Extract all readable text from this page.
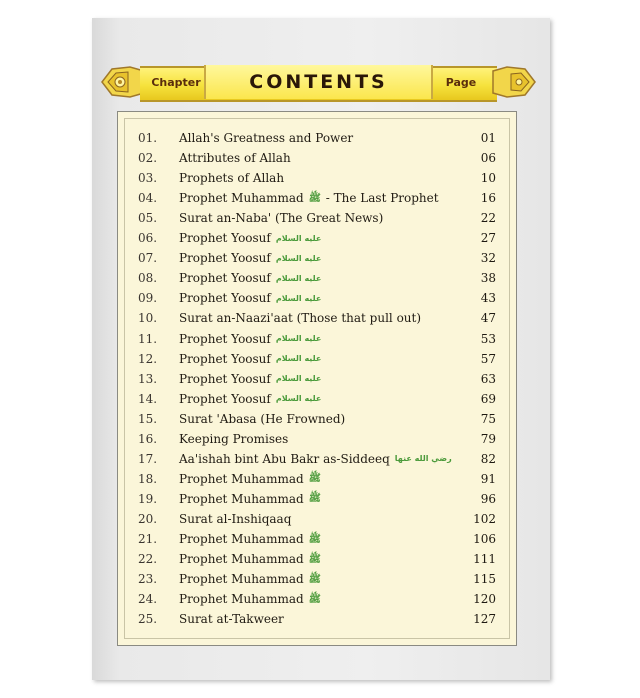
Chapter	CONTENTS	Page
01.	Allah's Greatness and Power	01
02.	Attributes of Allah	06
03.	Prophets of Allah	10
04.	Prophet Muhammad ﷺ - The Last Prophet	16
05.	Surat an-Naba' (The Great News)	22
06.	Prophet Yoosuf عليه السلام	27
07.	Prophet Yoosuf عليه السلام	32
08.	Prophet Yoosuf عليه السلام	38
09.	Prophet Yoosuf عليه السلام	43
10.	Surat an-Naazi'aat (Those that pull out)	47
11.	Prophet Yoosuf عليه السلام	53
12.	Prophet Yoosuf عليه السلام	57
13.	Prophet Yoosuf عليه السلام	63
14.	Prophet Yoosuf عليه السلام	69
15.	Surat 'Abasa (He Frowned)	75
16.	Keeping Promises	79
17.	Aa'ishah bint Abu Bakr as-Siddeeq رضي الله عنها	82
18.	Prophet Muhammad ﷺ	91
19.	Prophet Muhammad ﷺ	96
20.	Surat al-Inshiqaaq	102
21.	Prophet Muhammad ﷺ	106
22.	Prophet Muhammad ﷺ	111
23.	Prophet Muhammad ﷺ	115
24.	Prophet Muhammad ﷺ	120
25.	Surat at-Takweer	127
